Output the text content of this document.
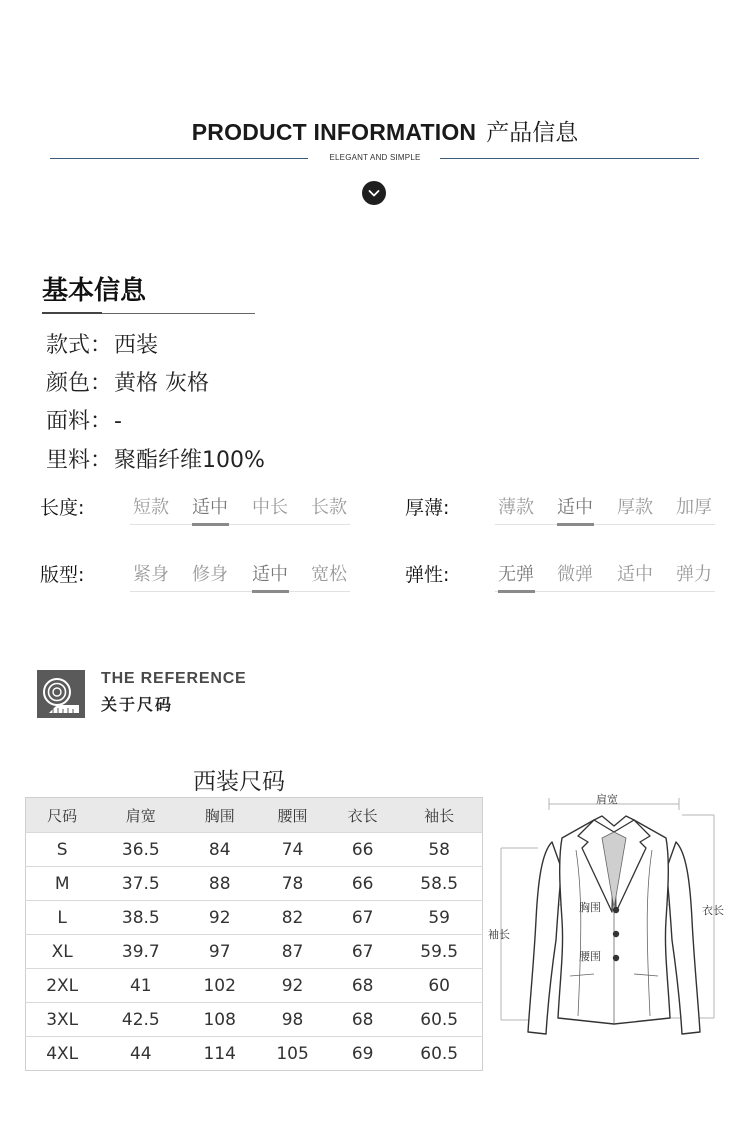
PRODUCT INFORMATION 产品信息
ELEGANT AND SIMPLE
基本信息
款式：西装
颜色：黄格 灰格
面料：-
里料：聚酯纤维100%
长度:	短款 适中 中长 长款	厚薄:	薄款 适中 厚款 加厚
版型:	紧身 修身 适中 宽松	弹性:	无弹 微弹 适中 弹力
THE REFERENCE
关于尺码
西装尺码
尺码	肩宽	胸围	腰围	衣长	袖长
S	36.5	84	74	66	58
M	37.5	88	78	66	58.5
L	38.5	92	82	67	59
XL	39.7	97	87	67	59.5
2XL	41	102	92	68	60
3XL	42.5	108	98	68	60.5
4XL	44	114	105	69	60.5
肩宽
胸围
腰围
袖长
衣长
